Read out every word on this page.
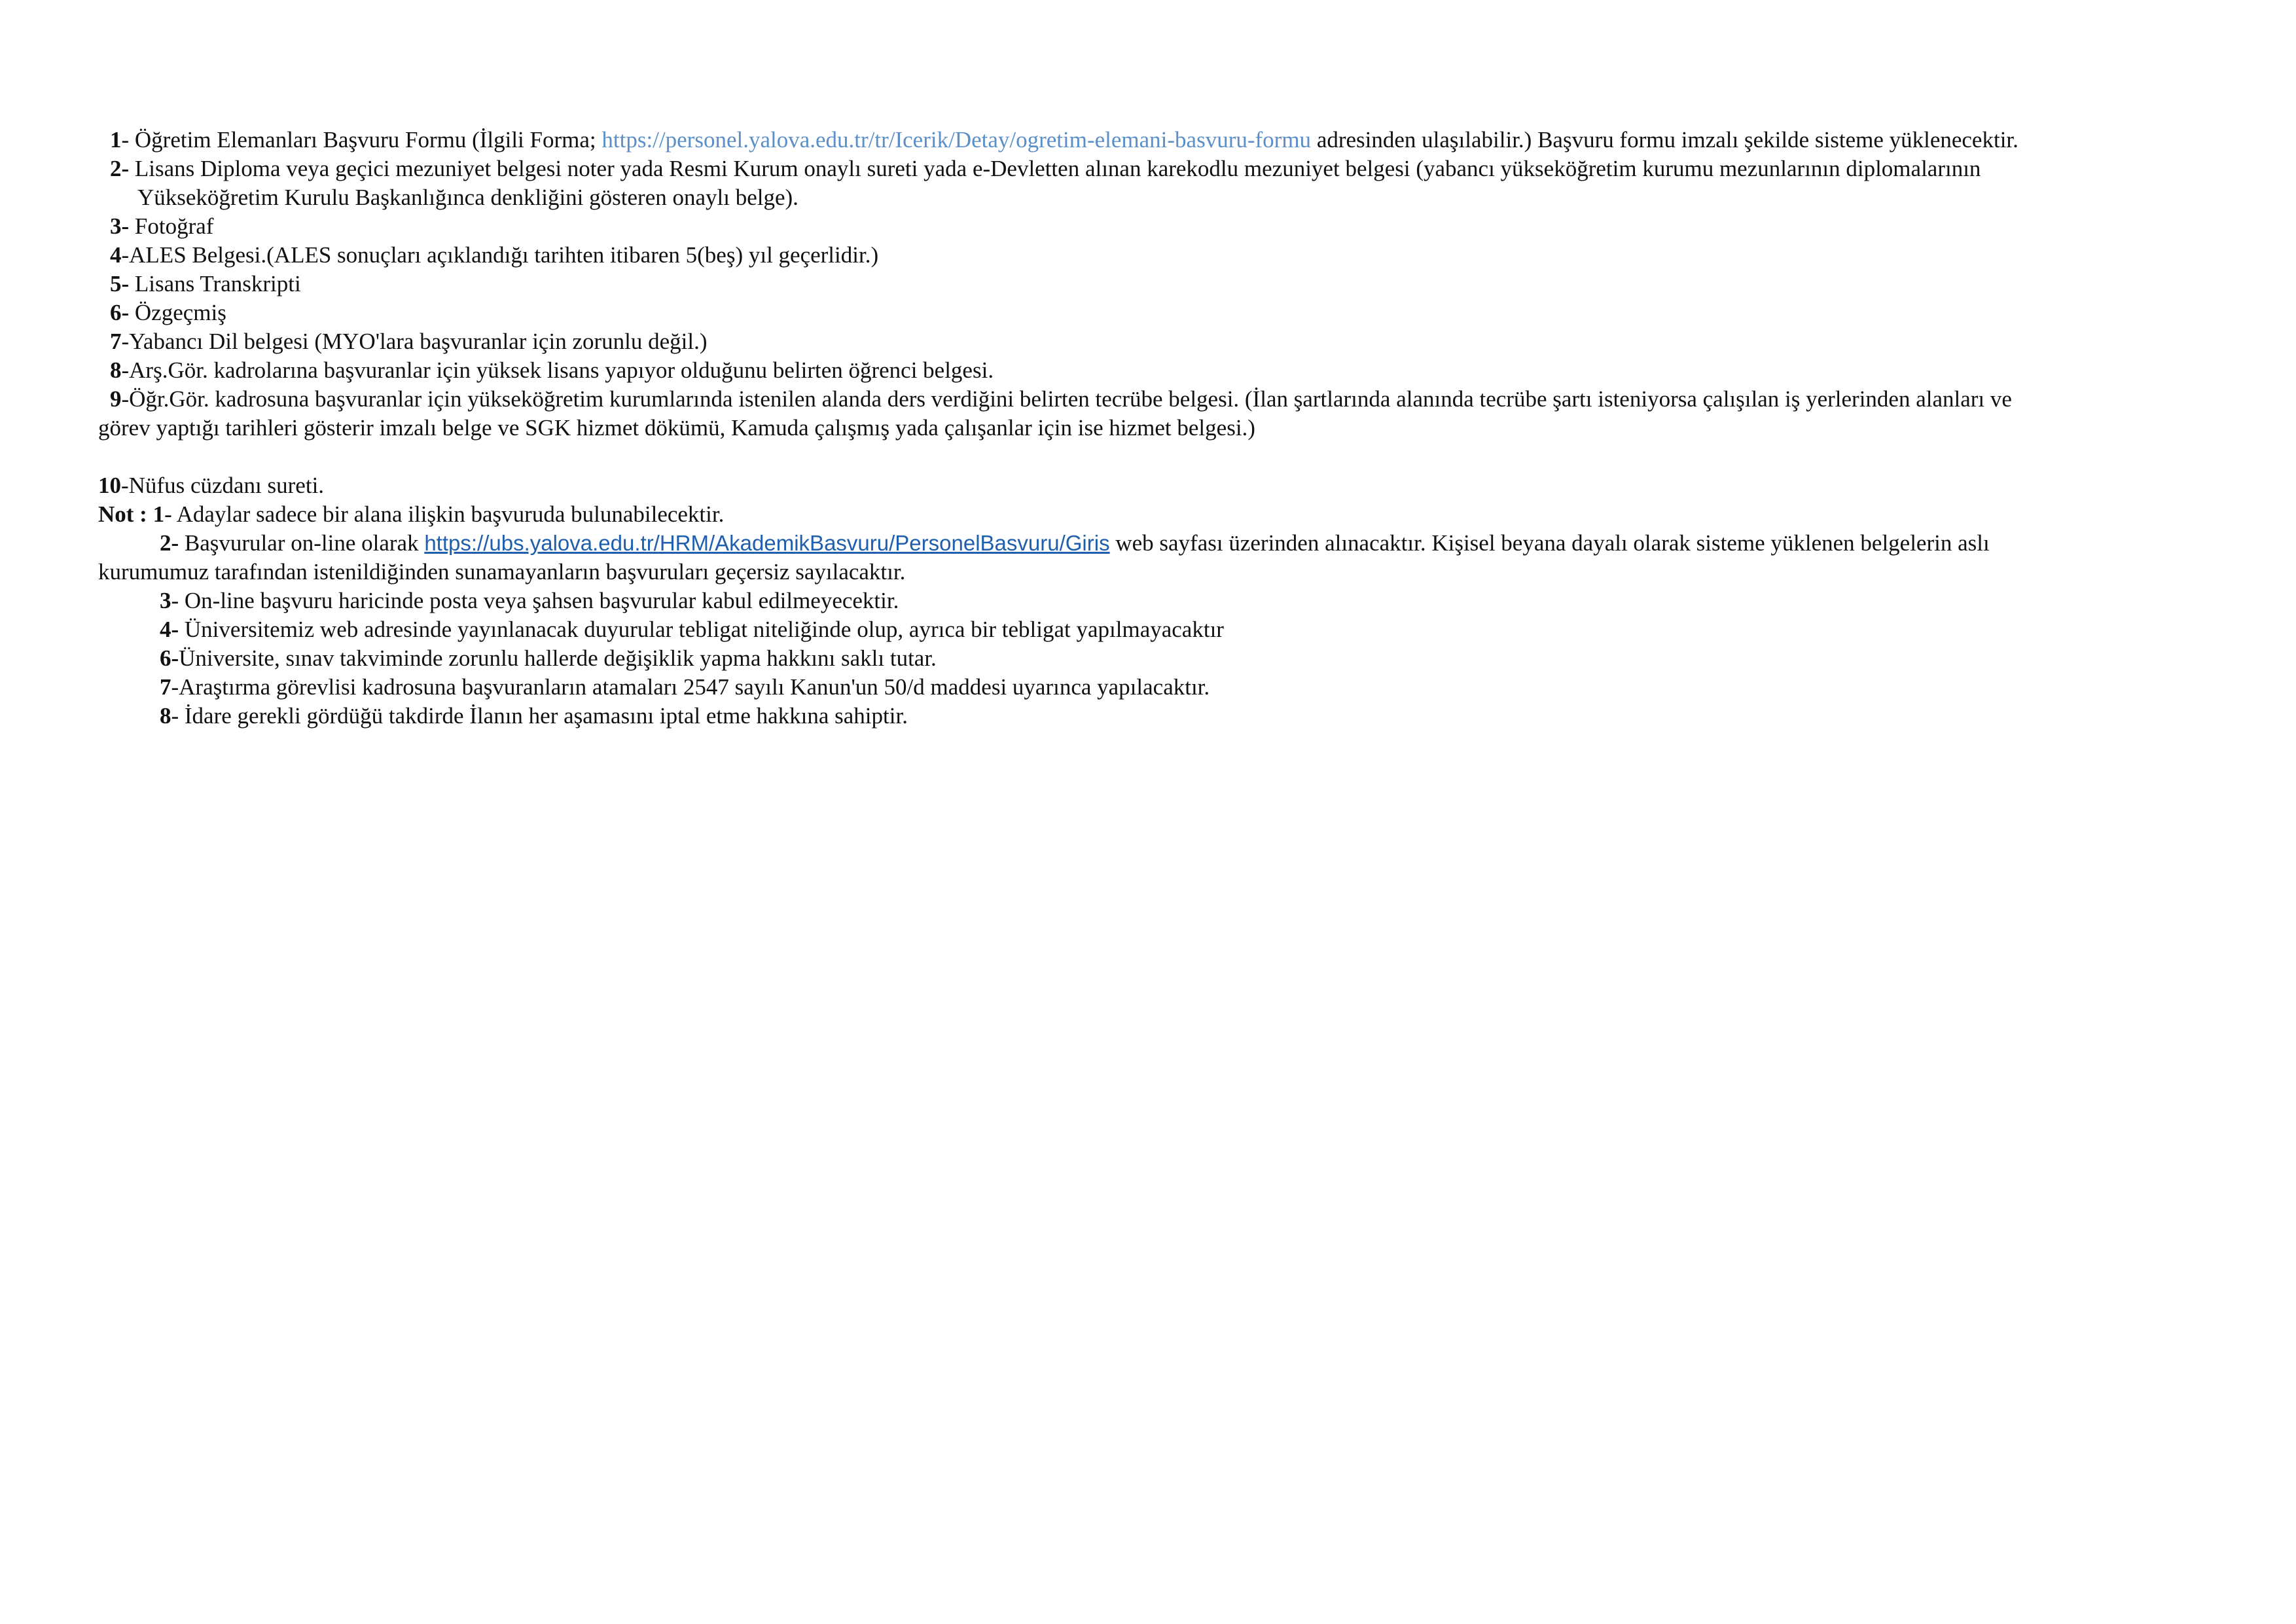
1- Öğretim Elemanları Başvuru Formu (İlgili Forma; https://personel.yalova.edu.tr/tr/Icerik/Detay/ogretim-elemani-basvuru-formu adresinden ulaşılabilir.) Başvuru formu imzalı şekilde sisteme yüklenecektir.
2- Lisans Diploma veya geçici mezuniyet belgesi noter yada Resmi Kurum onaylı sureti yada e-Devletten alınan karekodlu mezuniyet belgesi (yabancı yükseköğretim kurumu mezunlarının diplomalarının
Yükseköğretim Kurulu Başkanlığınca denkliğini gösteren onaylı belge).
3- Fotoğraf
4-ALES Belgesi.(ALES sonuçları açıklandığı tarihten itibaren 5(beş) yıl geçerlidir.)
5- Lisans Transkripti
6- Özgeçmiş
7-Yabancı Dil belgesi (MYO'lara başvuranlar için zorunlu değil.)
8-Arş.Gör. kadrolarına başvuranlar için yüksek lisans yapıyor olduğunu belirten öğrenci belgesi.
9-Öğr.Gör. kadrosuna başvuranlar için yükseköğretim kurumlarında istenilen alanda ders verdiğini belirten tecrübe belgesi. (İlan şartlarında alanında tecrübe şartı isteniyorsa çalışılan iş yerlerinden alanları ve
görev yaptığı tarihleri gösterir imzalı belge ve SGK hizmet dökümü, Kamuda çalışmış yada çalışanlar için ise hizmet belgesi.)
10-Nüfus cüzdanı sureti.
Not : 1- Adaylar sadece bir alana ilişkin başvuruda bulunabilecektir.
2- Başvurular on-line olarak https://ubs.yalova.edu.tr/HRM/AkademikBasvuru/PersonelBasvuru/Giris web sayfası üzerinden alınacaktır. Kişisel beyana dayalı olarak sisteme yüklenen belgelerin aslı
kurumumuz tarafından istenildiğinden sunamayanların başvuruları geçersiz sayılacaktır.
3- On-line başvuru haricinde posta veya şahsen başvurular kabul edilmeyecektir.
4- Üniversitemiz web adresinde yayınlanacak duyurular tebligat niteliğinde olup, ayrıca bir tebligat yapılmayacaktır
6-Üniversite, sınav takviminde zorunlu hallerde değişiklik yapma hakkını saklı tutar.
7-Araştırma görevlisi kadrosuna başvuranların atamaları 2547 sayılı Kanun'un 50/d maddesi uyarınca yapılacaktır.
8- İdare gerekli gördüğü takdirde İlanın her aşamasını iptal etme hakkına sahiptir.
